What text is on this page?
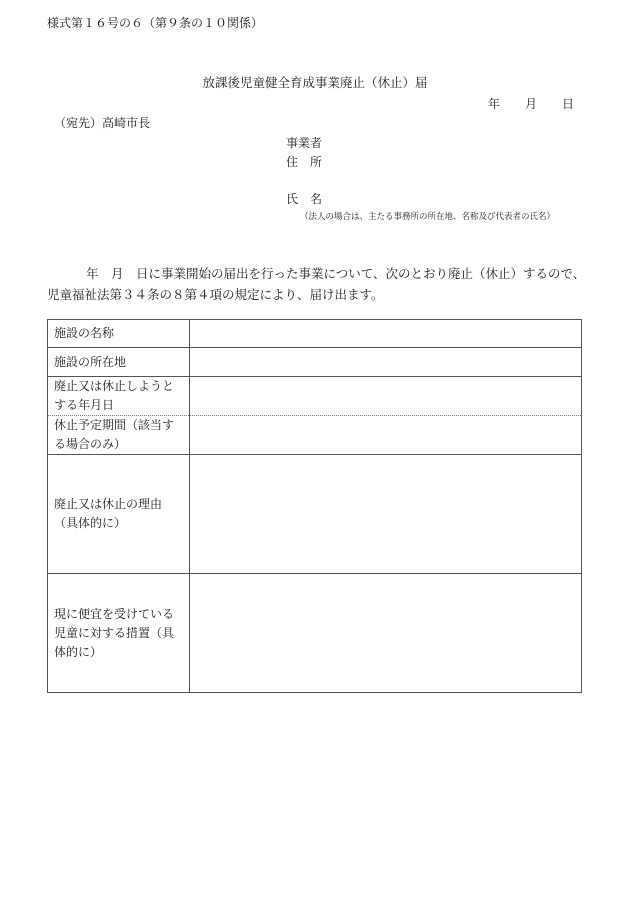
様式第１６号の６（第９条の１０関係）
放課後児童健全育成事業廃止（休止）届
年 月 日
（宛先）高崎市長
事業者
住　所
氏　名
（法人の場合は、主たる事務所の所在地、名称及び代表者の氏名）
年　月　日に事業開始の届出を行った事業について、次のとおり廃止（休止）するので、
児童福祉法第３４条の８第４項の規定により、届け出ます。
施設の名称	
施設の所在地	
廃止又は休止しようとする年月日	
休止予定期間（該当する場合のみ）	
廃止又は休止の理由（具体的に）	
現に便宜を受けている児童に対する措置（具体的に）	
